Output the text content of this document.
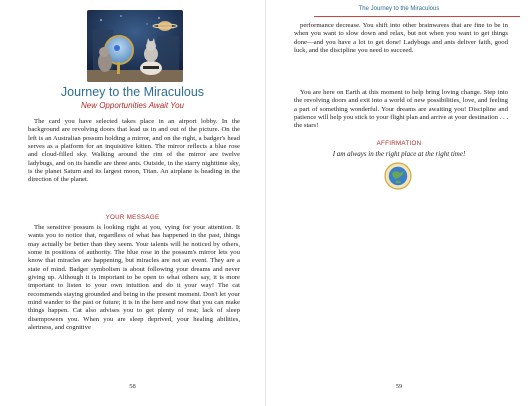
Journey to the Miraculous
New Opportunities Await You

The card you have selected takes place in an airport lobby. In the background are revolving doors that lead us in and out of the picture. On the left is an Australian possum holding a mirror, and on the right, a badger's head serves as a platform for an inquisitive kitten. The mirror reflects a blue rose and cloud-filled sky. Walking around the rim of the mirror are twelve ladybugs, and on its handle are three ants. Outside, in the starry nighttime sky, is the planet Saturn and its largest moon, Titan. An airplane is heading in the direction of the planet.

YOUR MESSAGE

The sensitive possum is looking right at you, vying for your attention. It wants you to notice that, regardless of what has happened in the past, things may actually be better than they seem. Your talents will be noticed by others, some in positions of authority. The blue rose in the possum's mirror lets you know that miracles are happening, but miracles are not an event. They are a state of mind. Badger symbolism is about following your dreams and never giving up. Although it is important to be open to what others say, it is more important to listen to your own intuition and do it your way! The cat recommends staying grounded and being in the present moment. Don't let your mind wander to the past or future; it is in the here and now that you can make things happen. Cat also advises you to get plenty of rest; lack of sleep disempowers you. When you are sleep deprived, your healing abilities, alertness, and cognitive

58
The Journey to the Miraculous

performance decrease. You shift into other brainwaves that are fine to be in when you want to slow down and relax, but not when you want to get things done—and you have a lot to get done! Ladybugs and ants deliver faith, good luck, and the discipline you need to succeed.

You are here on Earth at this moment to help bring loving change. Step into the revolving doors and exit into a world of new possibilities, love, and feeling a part of something wonderful. Your dreams are awaiting you! Discipline and patience will help you stick to your flight plan and arrive at your destination . . . the stars!

AFFIRMATION
I am always in the right place at the right time!
59
